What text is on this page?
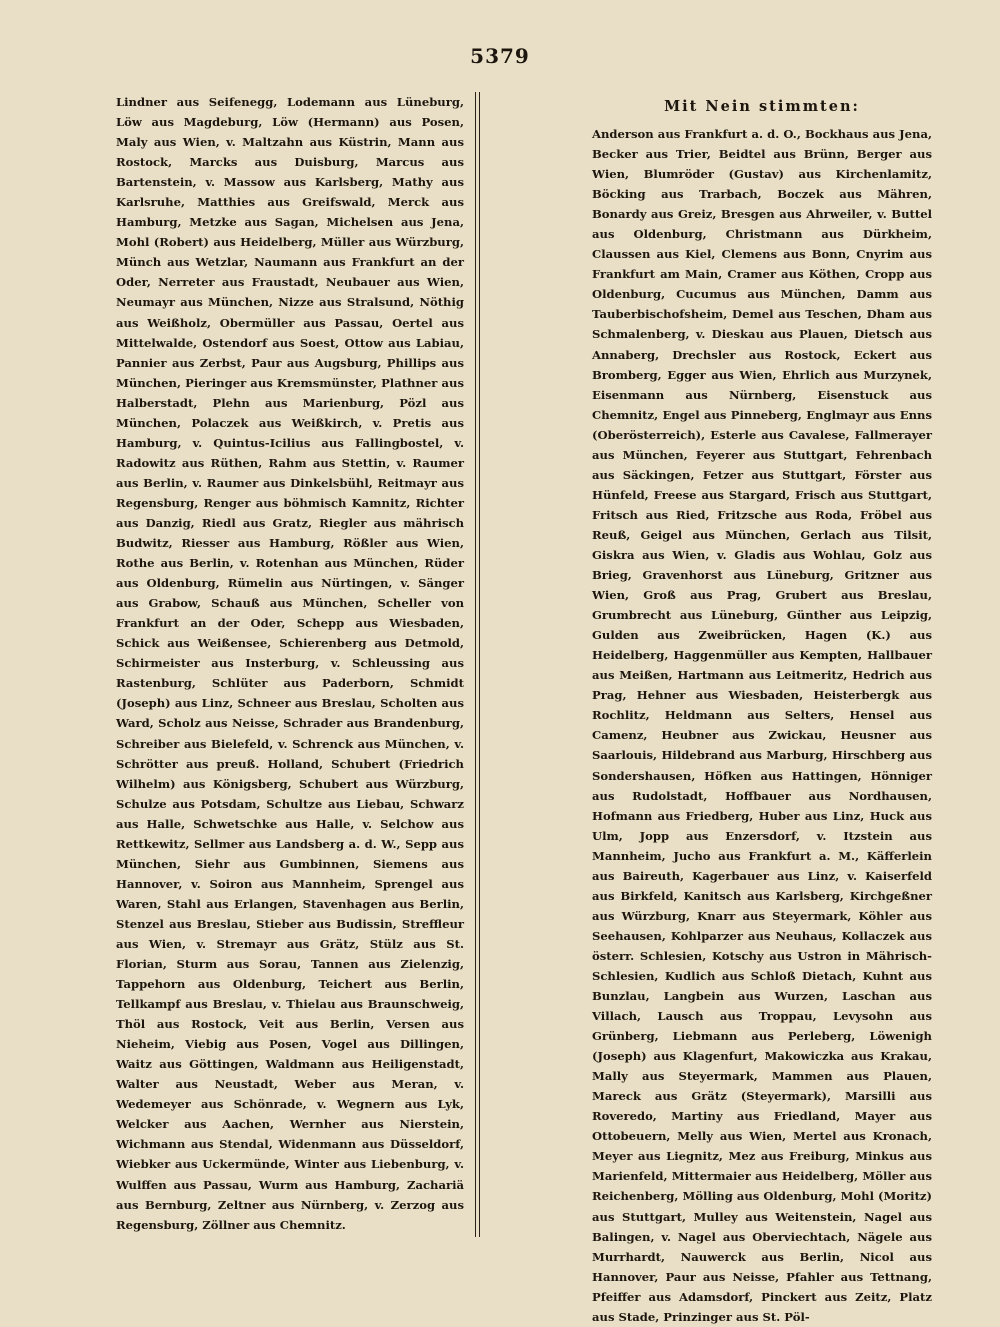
5379

Lindner aus Seifenegg, Lodemann aus Lüneburg, Löw aus Magdeburg, Löw (Hermann) aus Posen, Maly aus Wien, v. Maltzahn aus Küstrin, Mann aus Rostock, Marcks aus Duisburg, Marcus aus Bartenstein, v. Massow aus Karlsberg, Mathy aus Karlsruhe, Matthies aus Greifswald, Merck aus Hamburg, Metzke aus Sagan, Michelsen aus Jena, Mohl (Robert) aus Heidelberg, Müller aus Würzburg, Münch aus Wetzlar, Naumann aus Frankfurt an der Oder, Nerreter aus Fraustadt, Neubauer aus Wien, Neumayr aus München, Nizze aus Stralsund, Nöthig aus Weißholz, Obermüller aus Passau, Oertel aus Mittelwalde, Ostendorf aus Soest, Ottow aus Labiau, Pannier aus Zerbst, Paur aus Augsburg, Phillips aus München, Pieringer aus Kremsmünster, Plathner aus Halberstadt, Plehn aus Marienburg, Pözl aus München, Polaczek aus Weißkirch, v. Pretis aus Hamburg, v. Quintus-Icilius aus Fallingbostel, v. Radowitz aus Rüthen, Rahm aus Stettin, v. Raumer aus Berlin, v. Raumer aus Dinkelsbühl, Reitmayr aus Regensburg, Renger aus böhmisch Kamnitz, Richter aus Danzig, Riedl aus Gratz, Riegler aus mährisch Budwitz, Riesser aus Hamburg, Rößler aus Wien, Rothe aus Berlin, v. Rotenhan aus München, Rüder aus Oldenburg, Rümelin aus Nürtingen, v. Sänger aus Grabow, Schauß aus München, Scheller von Frankfurt an der Oder, Schepp aus Wiesbaden, Schick aus Weißensee, Schierenberg aus Detmold, Schirmeister aus Insterburg, v. Schleussing aus Rastenburg, Schlüter aus Paderborn, Schmidt (Joseph) aus Linz, Schneer aus Breslau, Scholten aus Ward, Scholz aus Neisse, Schrader aus Brandenburg, Schreiber aus Bielefeld, v. Schrenck aus München, v. Schrötter aus preuß. Holland, Schubert (Friedrich Wilhelm) aus Königsberg, Schubert aus Würzburg, Schulze aus Potsdam, Schultze aus Liebau, Schwarz aus Halle, Schwetschke aus Halle, v. Selchow aus Rettkewitz, Sellmer aus Landsberg a. d. W., Sepp aus München, Siehr aus Gumbinnen, Siemens aus Hannover, v. Soiron aus Mannheim, Sprengel aus Waren, Stahl aus Erlangen, Stavenhagen aus Berlin, Stenzel aus Breslau, Stieber aus Budissin, Streffleur aus Wien, v. Stremayr aus Grätz, Stülz aus St. Florian, Sturm aus Sorau, Tannen aus Zielenzig, Tappehorn aus Oldenburg, Teichert aus Berlin, Tellkampf aus Breslau, v. Thielau aus Braunschweig, Thöl aus Rostock, Veit aus Berlin, Versen aus Nieheim, Viebig aus Posen, Vogel aus Dillingen, Waitz aus Göttingen, Waldmann aus Heiligenstadt, Walter aus Neustadt, Weber aus Meran, v. Wedemeyer aus Schönrade, v. Wegnern aus Lyk, Welcker aus Aachen, Wernher aus Nierstein, Wichmann aus Stendal, Widenmann aus Düsseldorf, Wiebker aus Uckermünde, Winter aus Liebenburg, v. Wulffen aus Passau, Wurm aus Hamburg, Zachariä aus Bernburg, Zeltner aus Nürnberg, v. Zerzog aus Regensburg, Zöllner aus Chemnitz.

Mit Nein stimmten:

Anderson aus Frankfurt a. d. O., Bockhaus aus Jena, Becker aus Trier, Beidtel aus Brünn, Berger aus Wien, Blumröder (Gustav) aus Kirchenlamitz, Böcking aus Trarbach, Boczek aus Mähren, Bonardy aus Greiz, Bresgen aus Ahrweiler, v. Buttel aus Oldenburg, Christmann aus Dürkheim, Claussen aus Kiel, Clemens aus Bonn, Cnyrim aus Frankfurt am Main, Cramer aus Köthen, Cropp aus Oldenburg, Cucumus aus München, Damm aus Tauberbischofsheim, Demel aus Teschen, Dham aus Schmalenberg, v. Dieskau aus Plauen, Dietsch aus Annaberg, Drechsler aus Rostock, Eckert aus Bromberg, Egger aus Wien, Ehrlich aus Murzynek, Eisenmann aus Nürnberg, Eisenstuck aus Chemnitz, Engel aus Pinneberg, Englmayr aus Enns (Oberösterreich), Esterle aus Cavalese, Fallmerayer aus München, Feyerer aus Stuttgart, Fehrenbach aus Säckingen, Fetzer aus Stuttgart, Förster aus Hünfeld, Freese aus Stargard, Frisch aus Stuttgart, Fritsch aus Ried, Fritzsche aus Roda, Fröbel aus Reuß, Geigel aus München, Gerlach aus Tilsit, Giskra aus Wien, v. Gladis aus Wohlau, Golz aus Brieg, Gravenhorst aus Lüneburg, Gritzner aus Wien, Groß aus Prag, Grubert aus Breslau, Grumbrecht aus Lüneburg, Günther aus Leipzig, Gulden aus Zweibrücken, Hagen (K.) aus Heidelberg, Haggenmüller aus Kempten, Hallbauer aus Meißen, Hartmann aus Leitmeritz, Hedrich aus Prag, Hehner aus Wiesbaden, Heisterbergk aus Rochlitz, Heldmann aus Selters, Hensel aus Camenz, Heubner aus Zwickau, Heusner aus Saarlouis, Hildebrand aus Marburg, Hirschberg aus Sondershausen, Höfken aus Hattingen, Hönniger aus Rudolstadt, Hoffbauer aus Nordhausen, Hofmann aus Friedberg, Huber aus Linz, Huck aus Ulm, Jopp aus Enzersdorf, v. Itzstein aus Mannheim, Jucho aus Frankfurt a. M., Käfferlein aus Baireuth, Kagerbauer aus Linz, v. Kaiserfeld aus Birkfeld, Kanitsch aus Karlsberg, Kirchgeßner aus Würzburg, Knarr aus Steyermark, Köhler aus Seehausen, Kohlparzer aus Neuhaus, Kollaczek aus österr. Schlesien, Kotschy aus Ustron in Mährisch-Schlesien, Kudlich aus Schloß Dietach, Kuhnt aus Bunzlau, Langbein aus Wurzen, Laschan aus Villach, Lausch aus Troppau, Levysohn aus Grünberg, Liebmann aus Perleberg, Löwenigh (Joseph) aus Klagenfurt, Makowiczka aus Krakau, Mally aus Steyermark, Mammen aus Plauen, Mareck aus Grätz (Steyermark), Marsilli aus Roveredo, Martiny aus Friedland, Mayer aus Ottobeuern, Melly aus Wien, Mertel aus Kronach, Meyer aus Liegnitz, Mez aus Freiburg, Minkus aus Marienfeld, Mittermaier aus Heidelberg, Möller aus Reichenberg, Mölling aus Oldenburg, Mohl (Moritz) aus Stuttgart, Mulley aus Weitenstein, Nagel aus Balingen, v. Nagel aus Oberviechtach, Nägele aus Murrhardt, Nauwerck aus Berlin, Nicol aus Hannover, Paur aus Neisse, Pfahler aus Tettnang, Pfeiffer aus Adamsdorf, Pinckert aus Zeitz, Platz aus Stade, Prinzinger aus St. Pöl-
